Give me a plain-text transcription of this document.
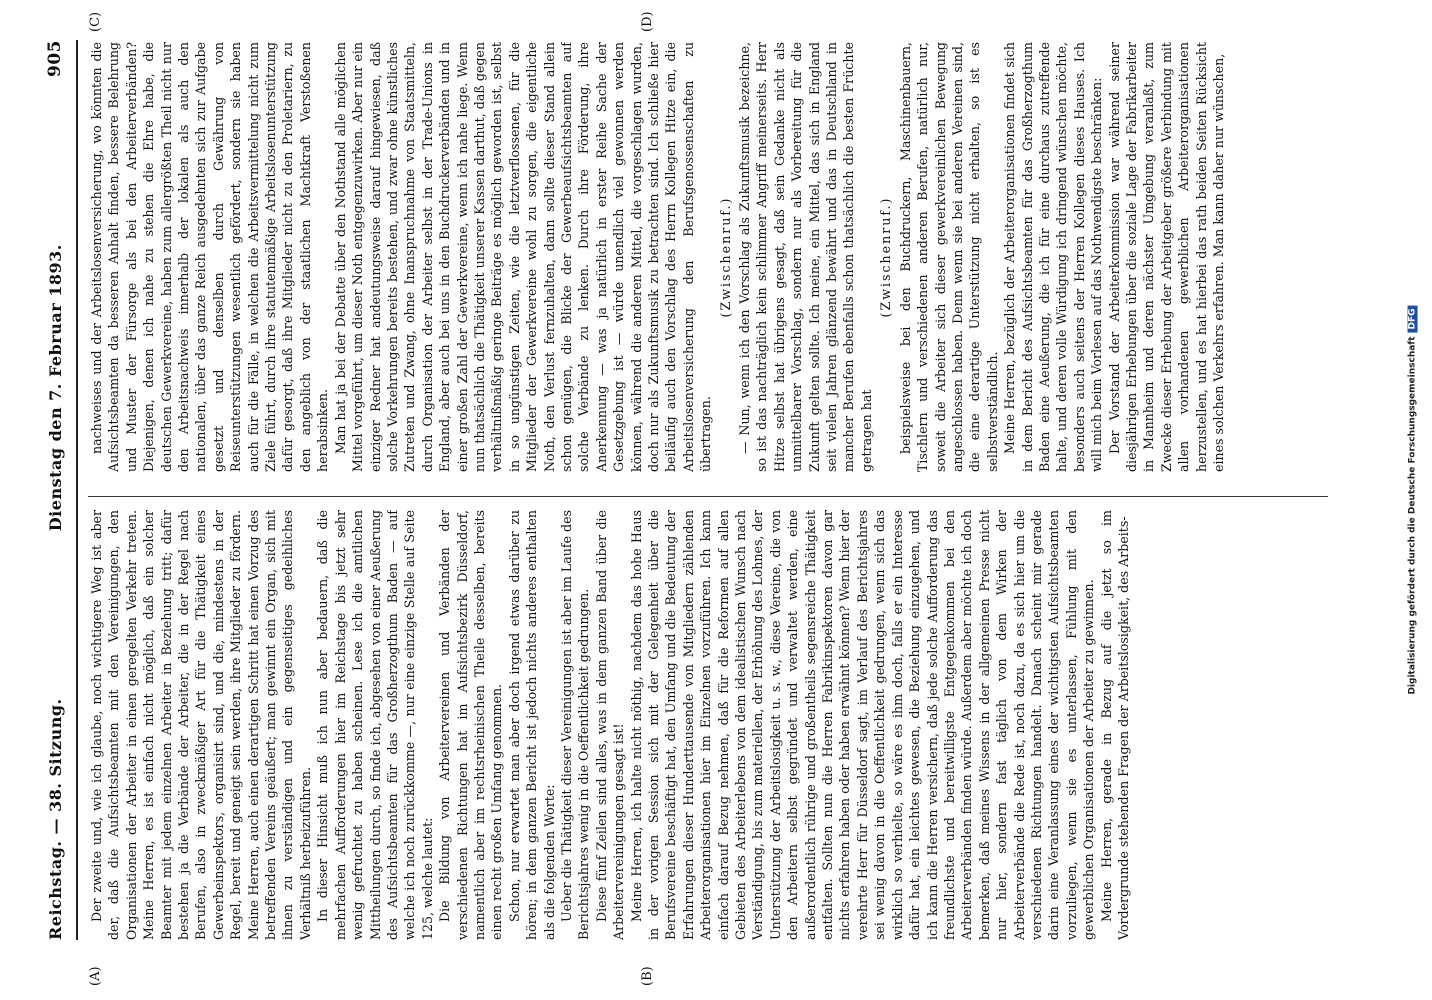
Reichstag. — 38. Sitzung.
Dienstag den 7. Februar 1893.
905
(A)	(B)
(C)	(D)

Der zweite und, wie ich glaube, noch wichtigere Weg ist aber der, daß die Aufsichtsbeamten mit den Vereinigungen, den Organisationen der Arbeiter in einen geregelten Verkehr treten. Meine Herren, es ist einfach nicht möglich, daß ein solcher Beamter mit jedem einzelnen Arbeiter in Beziehung tritt; dafür bestehen ja die Verbände der Arbeiter, die in der Regel nach Berufen, also in zweckmäßiger Art für die Thätigkeit eines Gewerbeinspektors, organisirt sind, und die, mindestens in der Regel, bereit und geneigt sein werden, ihre Mitglieder zu fördern. Meine Herren, auch einen derartigen Schritt hat einen Vorzug des betreffenden Vereins geäußert; man gewinnt ein Organ, sich mit ihnen zu verständigen und ein gegenseitiges gedeihliches Verhältniß herbeizuführen. In dieser Hinsicht muß ich nun aber bedauern, daß die mehrfachen Aufforderungen hier im Reichstage bis jetzt sehr wenig gefruchtet zu haben scheinen. Lese ich die amtlichen Mittheilungen durch, so finde ich, abgesehen von einer Aeußerung des Aufsichtsbeamten für das Großherzogthum Baden — auf welche ich noch zurückkomme —, nur eine einzige Stelle auf Seite 125, welche lautet: Die Bildung von Arbeitervereinen und Verbänden der verschiedenen Richtungen hat im Aufsichtsbezirk Düsseldorf, namentlich aber im rechtsrheinischen Theile desselben, bereits einen recht großen Umfang genommen. Schon, nur erwartet man aber doch irgend etwas darüber zu hören; in dem ganzen Bericht ist jedoch nichts anderes enthalten als die folgenden Worte: Ueber die Thätigkeit dieser Vereinigungen ist aber im Laufe des Berichtsjahres wenig in die Oeffentlichkeit gedrungen. Diese fünf Zeilen sind alles, was in dem ganzen Band über die Arbeitervereinigungen gesagt ist! Meine Herren, ich halte nicht nöthig, nachdem das hohe Haus in der vorigen Session sich mit der Gelegenheit über die Berufsvereine beschäftigt hat, den Umfang und die Bedeutung der Erfahrungen dieser Hunderttausende von Mitgliedern zählenden Arbeiterorganisationen hier im Einzelnen vorzuführen. Ich kann einfach darauf Bezug nehmen, daß für die Reformen auf allen Gebieten des Arbeiterlebens von dem idealistischen Wunsch nach Verständigung, bis zum materiellen, der Erhöhung des Lohnes, der Unterstützung der Arbeitslosigkeit u. s. w., diese Vereine, die von den Arbeitern selbst gegründet und verwaltet werden, eine außerordentlich rührige und großentheils segensreiche Thätigkeit entfalten. Sollten nun die Herren Fabrikinspektoren davon gar nichts erfahren haben oder haben erwähnt können? Wenn hier der verehrte Herr für Düsseldorf sagt, im Verlauf des Berichtsjahres sei wenig davon in die Oeffentlichkeit gedrungen, wenn sich das wirklich so verhielte, so wäre es ihm doch, falls er ein Interesse dafür hat, ein leichtes gewesen, die Beziehung einzugehen, und ich kann die Herren versichern, daß jede solche Aufforderung das freundlichste und bereitwilligste Entgegenkommen bei den Arbeiterverbänden finden würde. Außerdem aber möchte ich doch bemerken, daß meines Wissens in der allgemeinen Presse nicht nur hier, sondern fast täglich von dem Wirken der Arbeiterverbände die Rede ist, noch dazu, da es sich hier um die verschiedenen Richtungen handelt. Danach scheint mir gerade darin eine Veranlassung eines der wichtigsten Aufsichtsbeamten vorzuliegen, wenn sie es unterlassen, Fühlung mit den gewerblichen Organisationen der Arbeiter zu gewinnen. Meine Herren, gerade in Bezug auf die jetzt so im Vordergrunde stehenden Fragen der Arbeitslosigkeit, des Arbeits-

nachweises und der Arbeitslosenversicherung, wo könnten die Aufsichtsbeamten da besseren Anhalt finden, bessere Belehrung und Muster der Fürsorge als bei den Arbeiterverbänden? Diejenigen, denen ich nahe zu stehen die Ehre habe, die deutschen Gewerkvereine, haben zum allergrößten Theil nicht nur den Arbeitsnachweis innerhalb der lokalen als auch den nationalen, über das ganze Reich ausgedehnten sich zur Aufgabe gesetzt und denselben durch Gewährung von Reiseunterstützungen wesentlich gefördert, sondern sie haben auch für die Fälle, in welchen die Arbeitsvermittelung nicht zum Ziele führt, durch ihre statutenmäßige Arbeitslosenunterstützung dafür gesorgt, daß ihre Mitglieder nicht zu den Proletariern, zu den angeblich von der staatlichen Machtkraft Verstoßenen herabsinken. Man hat ja bei der Debatte über den Nothstand alle möglichen Mittel vorgeführt, um dieser Noth entgegenzuwirken. Aber nur ein einziger Redner hat andeutungsweise darauf hingewiesen, daß solche Vorkehrungen bereits bestehen, und zwar ohne künstliches Zutreten und Zwang, ohne Inanspruchnahme von Staatsmitteln, durch Organisation der Arbeiter selbst in der Trade-Unions in England, aber auch bei uns in den Buchdruckerverbänden und in einer großen Zahl der Gewerkvereine, wenn ich nahe liege. Wenn nun thatsächlich die Thätigkeit unserer Kassen darthut, daß gegen verhältnißmäßig geringe Beiträge es möglich geworden ist, selbst in so ungünstigen Zeiten, wie die letztverflossenen, für die Mitglieder der Gewerkvereine wohl zu sorgen, die eigentliche Noth, den Verlust fernzuhalten, dann sollte dieser Stand allein schon genügen, die Blicke der Gewerbeaufsichtsbeamten auf solche Verbände zu lenken. Durch ihre Förderung, ihre Anerkennung — was ja natürlich in erster Reihe Sache der Gesetzgebung ist — würde unendlich viel gewonnen werden können, während die anderen Mittel, die vorgeschlagen wurden, doch nur als Zukunftsmusik zu betrachten sind. Ich schließe hier beiläufig auch den Vorschlag des Herrn Kollegen Hitze ein, die Arbeitslosenversicherung den Berufsgenossenschaften zu übertragen.

(Zwischenruf.) — Nun, wenn ich den Vorschlag als Zukunftsmusik bezeichne, so ist das nachträglich kein schlimmer Angriff meinerseits. Herr Hitze selbst hat übrigens gesagt, daß sein Gedanke nicht als unmittelbarer Vorschlag, sondern nur als Vorbereitung für die Zukunft gelten sollte. Ich meine, ein Mittel, das sich in England seit vielen Jahren glänzend bewährt und das in Deutschland in mancher Berufen ebenfalls schon thatsächlich die besten Früchte getragen hat

(Zwischenruf.) beispielsweise bei den Buchdruckern, Maschinenbauern, Tischlern und verschiedenen anderen Berufen, natürlich nur, soweit die Arbeiter sich dieser gewerkvereinlichen Bewegung angeschlossen haben. Denn wenn sie bei anderen Vereinen sind, die eine derartige Unterstützung nicht erhalten, so ist es selbstverständlich. Meine Herren, bezüglich der Arbeiterorganisationen findet sich in dem Bericht des Aufsichtsbeamten für das Großherzogthum Baden eine Aeußerung, die ich für eine durchaus zutreffende halte, und deren volle Würdigung ich dringend wünschen möchte, besonders auch seitens der Herren Kollegen dieses Hauses. Ich will mich beim Vorlesen auf das Nothwendigste beschränken: Der Vorstand der Arbeiterkommission war während seiner diesjährigen Erhebungen über die soziale Lage der Fabrikarbeiter in Mannheim und deren nächster Umgebung veranlaßt, zum Zwecke dieser Erhebung der Arbeitgeber größere Verbindung mit allen vorhandenen gewerblichen Arbeiterorganisationen herzustellen, und es hat hierbei das rath beiden Seiten Rücksicht eines solchen Verkehrs erfahren. Man kann daher nur wünschen,

Digitalisierung gefördert durch die Deutsche Forschungsgemeinschaft
DFG
